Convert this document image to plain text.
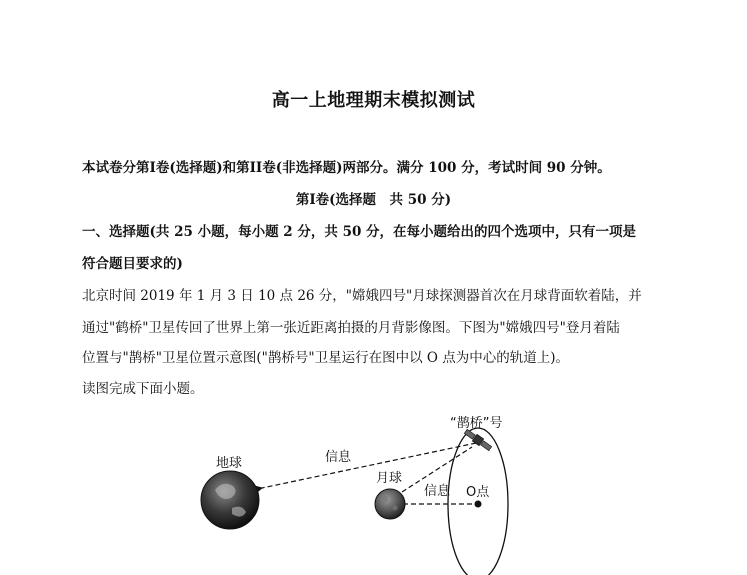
高一上地理期末模拟测试
本试卷分第I卷(选择题)和第II卷(非选择题)两部分。满分 100 分，考试时间 90 分钟。
第I卷(选择题　共 50 分)
一、选择题(共 25 小题，每小题 2 分，共 50 分，在每小题给出的四个选项中，只有一项是
符合题目要求的)
北京时间 2019 年 1 月 3 日 10 点 26 分，"嫦娥四号"月球探测器首次在月球背面软着陆，并
通过"鹤桥"卫星传回了世界上第一张近距离拍摄的月背影像图。下图为"嫦娥四号"登月着陆
位置与"鹊桥"卫星位置示意图("鹊桥号"卫星运行在图中以 O 点为中心的轨道上)。
读图完成下面小题。
地球
月球
“鹊桥”号
信息
信息 O点
